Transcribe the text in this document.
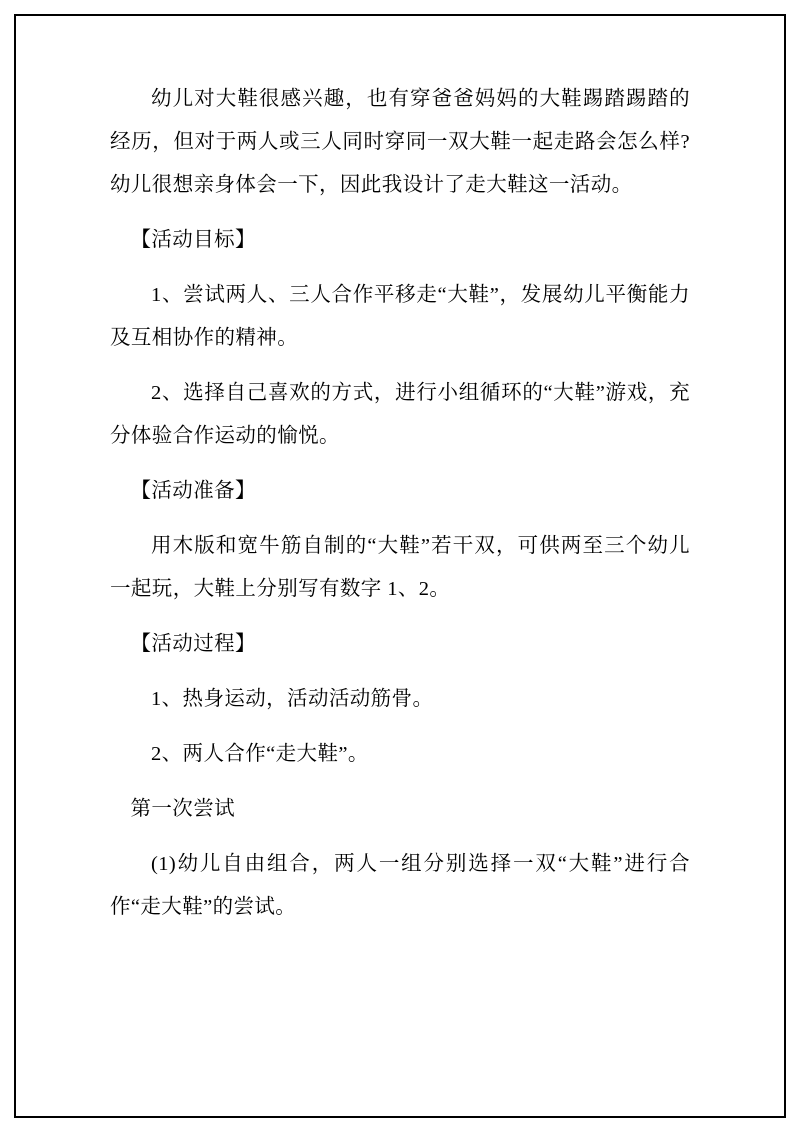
幼儿对大鞋很感兴趣，也有穿爸爸妈妈的大鞋踢踏踢踏的经历，但对于两人或三人同时穿同一双大鞋一起走路会怎么样? 幼儿很想亲身体会一下，因此我设计了走大鞋这一活动。

【活动目标】

1、尝试两人、三人合作平移走“大鞋”，发展幼儿平衡能力及互相协作的精神。

2、选择自己喜欢的方式，进行小组循环的“大鞋”游戏，充分体验合作运动的愉悦。

【活动准备】

用木版和宽牛筋自制的“大鞋”若干双，可供两至三个幼儿一起玩，大鞋上分别写有数字 1、2。

【活动过程】

1、热身运动，活动活动筋骨。

2、两人合作“走大鞋”。

第一次尝试

(1)幼儿自由组合，两人一组分别选择一双“大鞋”进行合作“走大鞋”的尝试。
